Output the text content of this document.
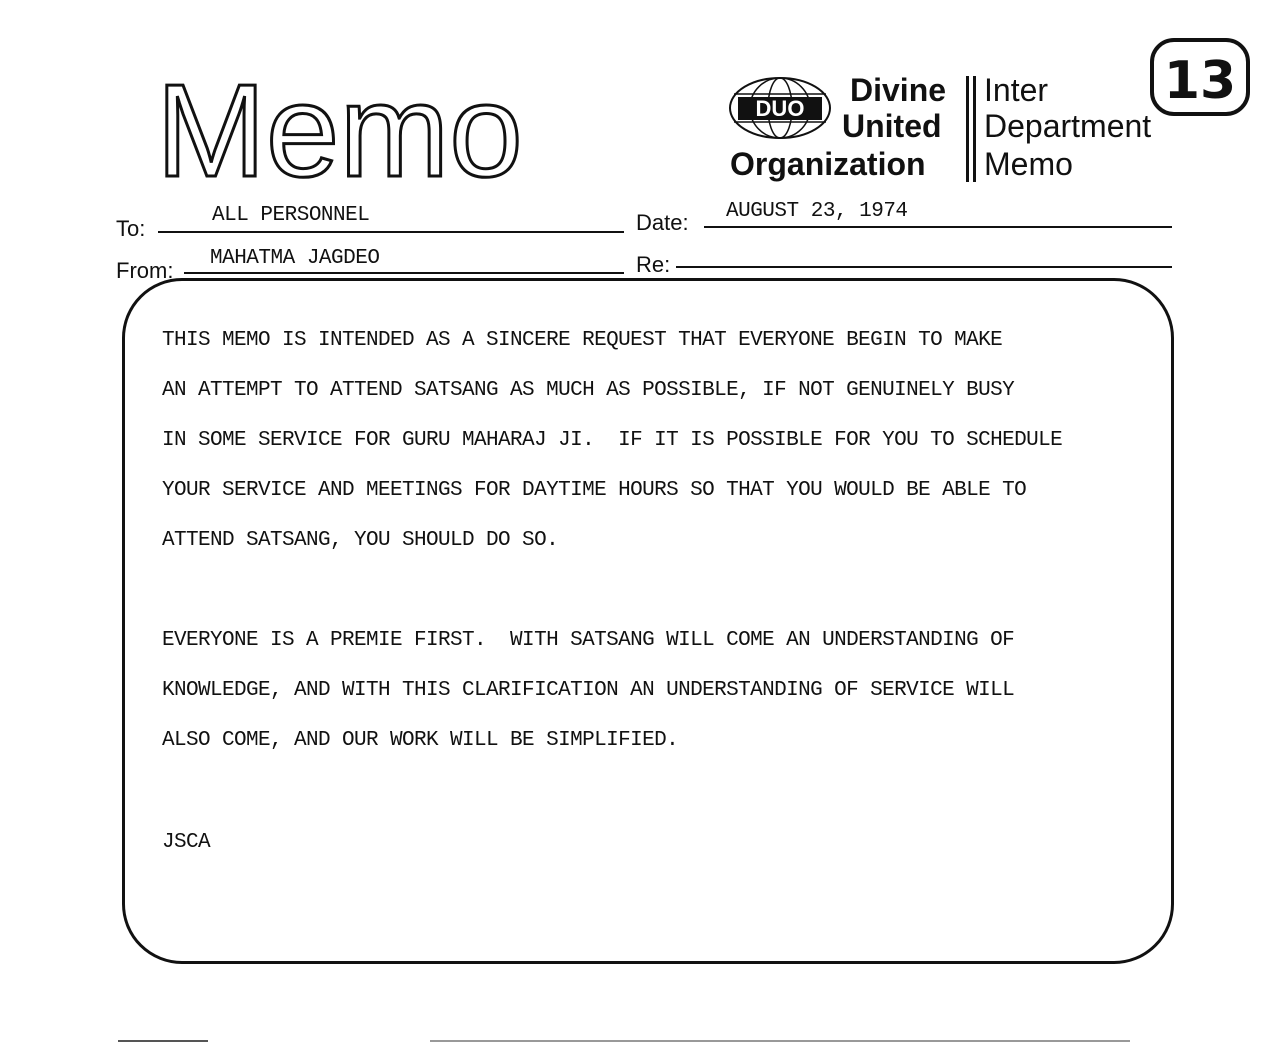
Memo	DUO
Divine
United
Organization
Inter
Department
Memo
13
To:
ALL PERSONNEL	Date: AUGUST 23, 1974
From: MAHATMA JAGDEO	Re:
THIS MEMO IS INTENDED AS A SINCERE REQUEST THAT EVERYONE BEGIN TO MAKE
AN ATTEMPT TO ATTEND SATSANG AS MUCH AS POSSIBLE, IF NOT GENUINELY BUSY
IN SOME SERVICE FOR GURU MAHARAJ JI.  IF IT IS POSSIBLE FOR YOU TO SCHEDULE
YOUR SERVICE AND MEETINGS FOR DAYTIME HOURS SO THAT YOU WOULD BE ABLE TO
ATTEND SATSANG, YOU SHOULD DO SO.
EVERYONE IS A PREMIE FIRST.  WITH SATSANG WILL COME AN UNDERSTANDING OF
KNOWLEDGE, AND WITH THIS CLARIFICATION AN UNDERSTANDING OF SERVICE WILL
ALSO COME, AND OUR WORK WILL BE SIMPLIFIED.
JSCA
